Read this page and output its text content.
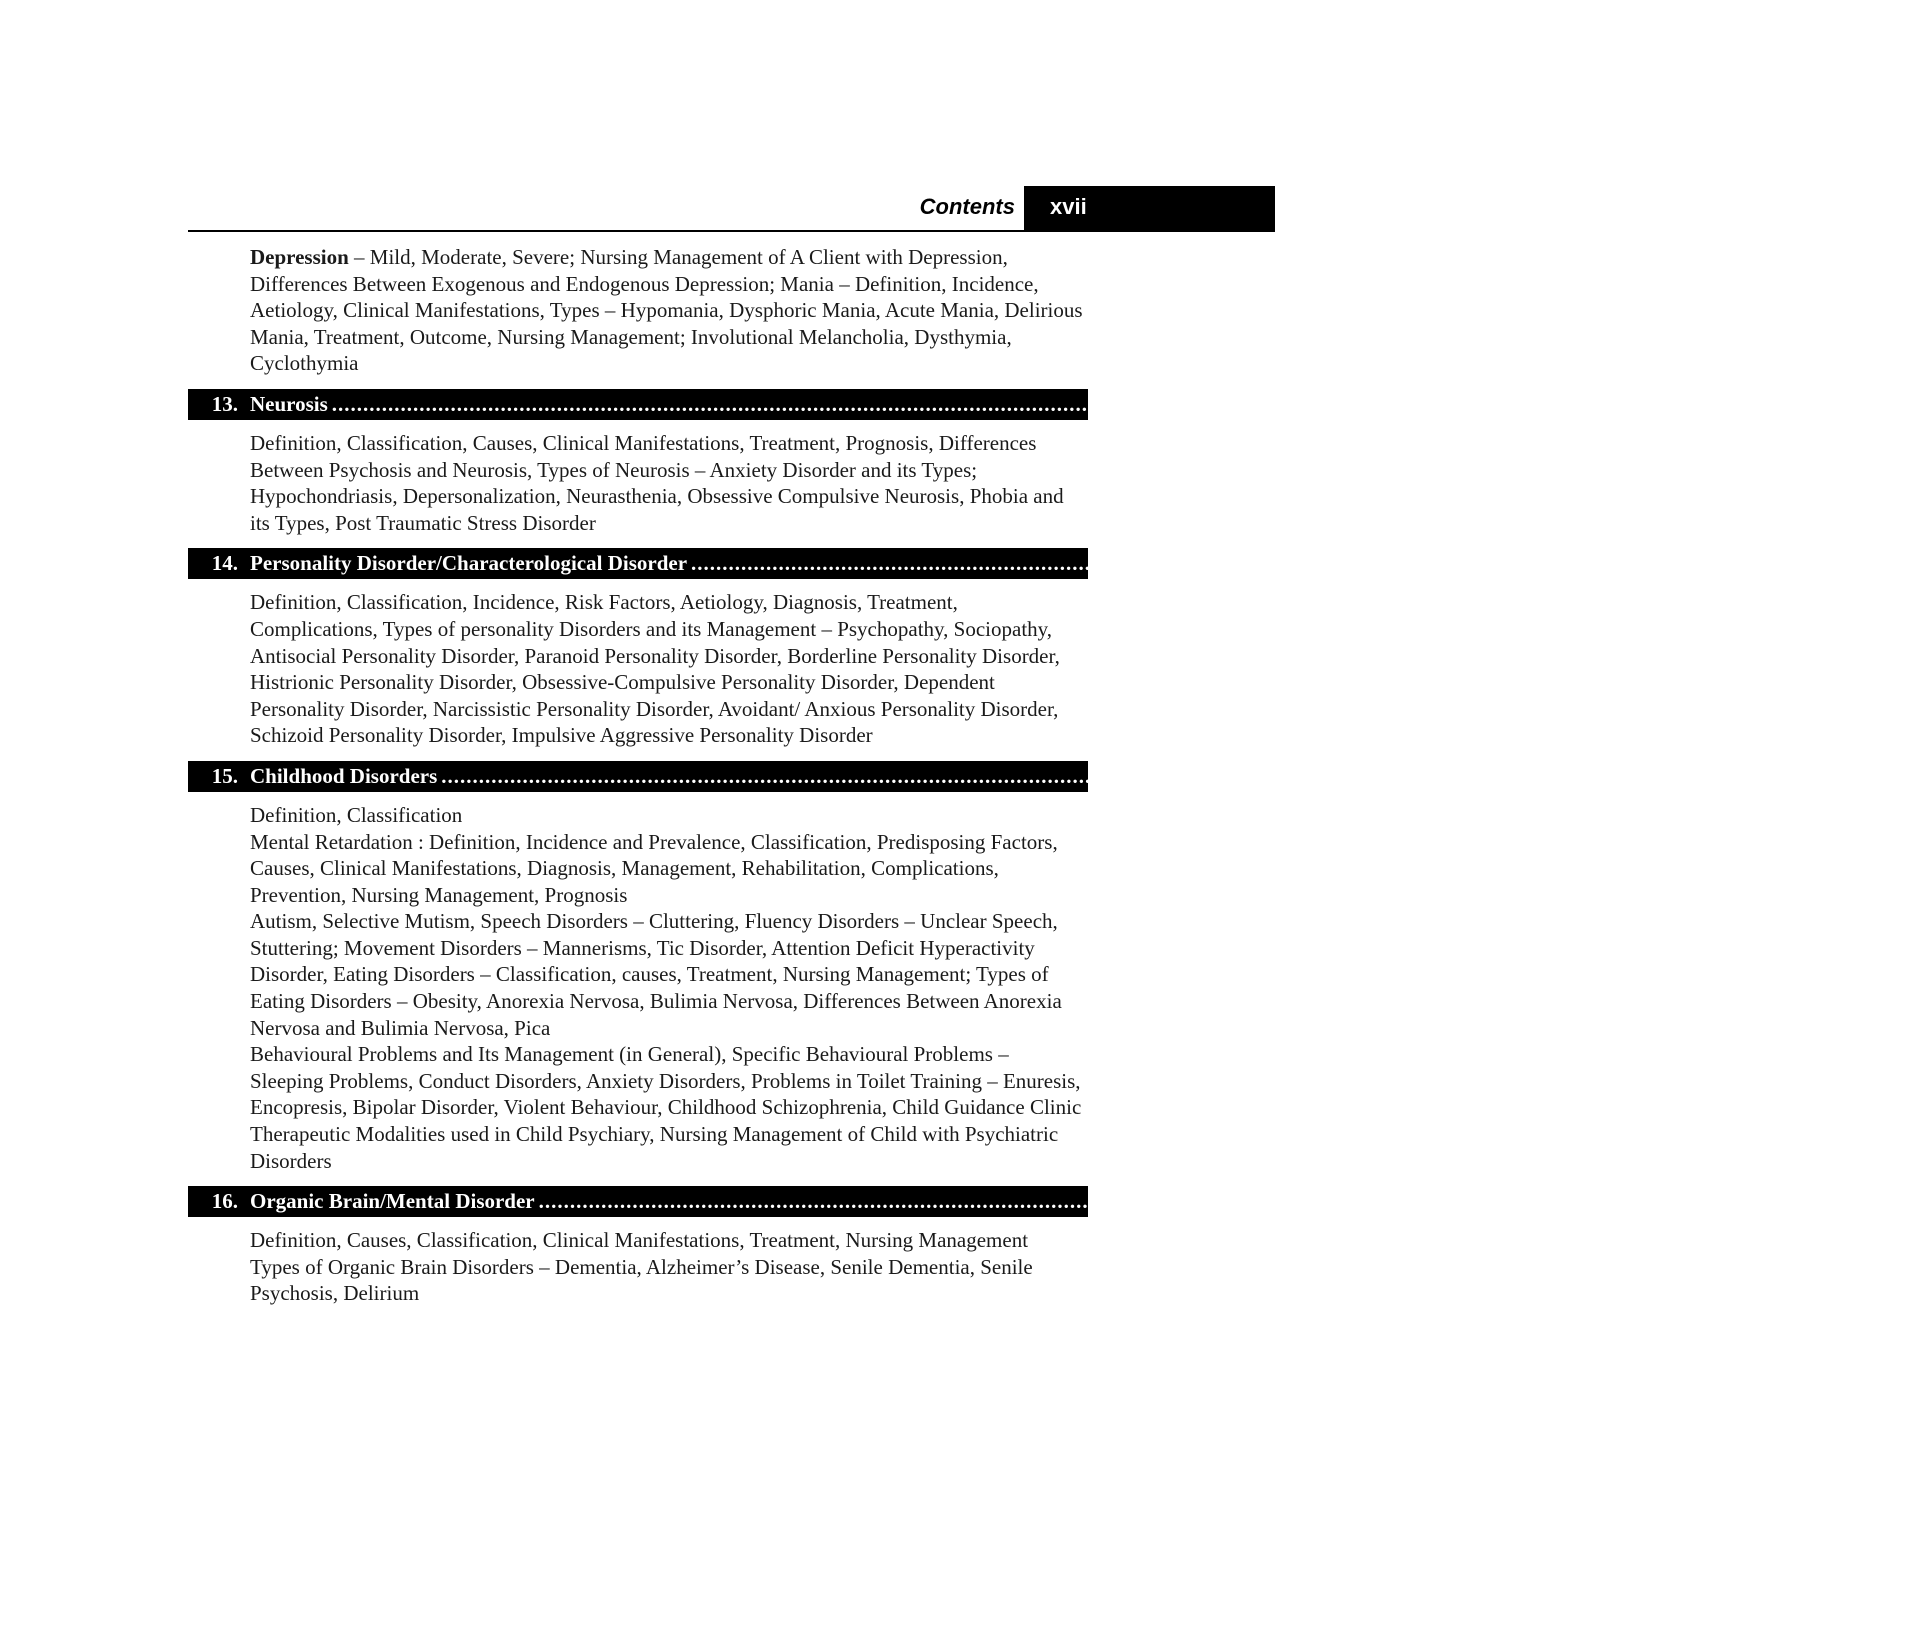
Contents xvii

Depression – Mild, Moderate, Severe; Nursing Management of A Client with Depression, Differences Between Exogenous and Endogenous Depression; Mania – Definition, Incidence, Aetiology, Clinical Manifestations, Types – Hypomania, Dysphoric Mania, Acute Mania, Delirious Mania, Treatment, Outcome, Nursing Management; Involutional Melancholia, Dysthymia, Cyclothymia

13. Neurosis .............................................................................................................................................................................................. 415

Definition, Classification, Causes, Clinical Manifestations, Treatment, Prognosis, Differences Between Psychosis and Neurosis, Types of Neurosis – Anxiety Disorder and its Types; Hypochondriasis, Depersonalization, Neurasthenia, Obsessive Compulsive Neurosis, Phobia and its Types, Post Traumatic Stress Disorder

14. Personality Disorder/Characterological Disorder .............................................................................................................................................................................................. 444

Definition, Classification, Incidence, Risk Factors, Aetiology, Diagnosis, Treatment, Complications, Types of personality Disorders and its Management – Psychopathy, Sociopathy, Antisocial Personality Disorder, Paranoid Personality Disorder, Borderline Personality Disorder, Histrionic Personality Disorder, Obsessive-Compulsive Personality Disorder, Dependent Personality Disorder, Narcissistic Personality Disorder, Avoidant/ Anxious Personality Disorder, Schizoid Personality Disorder, Impulsive Aggressive Personality Disorder

15. Childhood Disorders .............................................................................................................................................................................................. 465

Definition, Classification

Mental Retardation : Definition, Incidence and Prevalence, Classification, Predisposing Factors, Causes, Clinical Manifestations, Diagnosis, Management, Rehabilitation, Complications, Prevention, Nursing Management, Prognosis

Autism, Selective Mutism, Speech Disorders – Cluttering, Fluency Disorders – Unclear Speech, Stuttering; Movement Disorders – Mannerisms, Tic Disorder, Attention Deficit Hyperactivity Disorder, Eating Disorders – Classification, causes, Treatment, Nursing Management; Types of Eating Disorders – Obesity, Anorexia Nervosa, Bulimia Nervosa, Differences Between Anorexia Nervosa and Bulimia Nervosa, Pica

Behavioural Problems and Its Management (in General), Specific Behavioural Problems – Sleeping Problems, Conduct Disorders, Anxiety Disorders, Problems in Toilet Training – Enuresis, Encopresis, Bipolar Disorder, Violent Behaviour, Childhood Schizophrenia, Child Guidance Clinic

Therapeutic Modalities used in Child Psychiary, Nursing Management of Child with Psychiatric Disorders

16. Organic Brain/Mental Disorder .............................................................................................................................................................................................. 542

Definition, Causes, Classification, Clinical Manifestations, Treatment, Nursing Management

Types of Organic Brain Disorders – Dementia, Alzheimer’s Disease, Senile Dementia, Senile Psychosis, Delirium
